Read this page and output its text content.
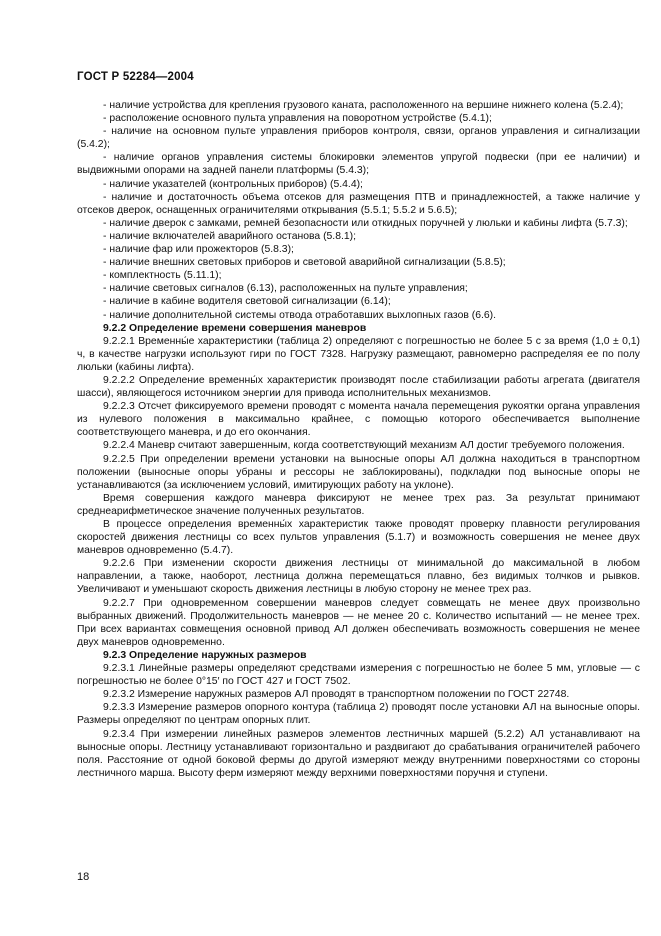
ГОСТ Р 52284—2004

- наличие устройства для крепления грузового каната, расположенного на вершине нижнего колена (5.2.4);

- расположение основного пульта управления на поворотном устройстве (5.4.1);

- наличие на основном пульте управления приборов контроля, связи, органов управления и сигнализации (5.4.2);

- наличие органов управления системы блокировки элементов упругой подвески (при ее наличии) и выдвижными опорами на задней панели платформы (5.4.3);

- наличие указателей (контрольных приборов) (5.4.4);

- наличие и достаточность объема отсеков для размещения ПТВ и принадлежностей, а также наличие у отсеков дверок, оснащенных ограничителями открывания (5.5.1; 5.5.2 и 5.6.5);

- наличие дверок с замками, ремней безопасности или откидных поручней у люльки и кабины лифта (5.7.3);

- наличие включателей аварийного останова (5.8.1);

- наличие фар или прожекторов (5.8.3);

- наличие внешних световых приборов и световой аварийной сигнализации (5.8.5);

- комплектность (5.11.1);

- наличие световых сигналов (6.13), расположенных на пульте управления;

- наличие в кабине водителя световой сигнализации (6.14);

- наличие дополнительной системы отвода отработавших выхлопных газов (6.6).

9.2.2 Определение времени совершения маневров

9.2.2.1 Временны́е характеристики (таблица 2) определяют с погрешностью не более 5 с за время (1,0 ± 0,1) ч, в качестве нагрузки используют гири по ГОСТ 7328. Нагрузку размещают, равномерно распределяя ее по полу люльки (кабины лифта).

9.2.2.2 Определение временны́х характеристик производят после стабилизации работы агрегата (двигателя шасси), являющегося источником энергии для привода исполнительных механизмов.

9.2.2.3 Отсчет фиксируемого времени проводят с момента начала перемещения рукоятки органа управления из нулевого положения в максимально крайнее, с помощью которого обеспечивается выполнение соответствующего маневра, и до его окончания.

9.2.2.4 Маневр считают завершенным, когда соответствующий механизм АЛ достиг требуемого положения.

9.2.2.5 При определении времени установки на выносные опоры АЛ должна находиться в транспортном положении (выносные опоры убраны и рессоры не заблокированы), подкладки под выносные опоры не устанавливаются (за исключением условий, имитирующих работу на уклоне).

Время совершения каждого маневра фиксируют не менее трех раз. За результат принимают среднеарифметическое значение полученных результатов.

В процессе определения временны́х характеристик также проводят проверку плавности регулирования скоростей движения лестницы со всех пультов управления (5.1.7) и возможность совершения не менее двух маневров одновременно (5.4.7).

9.2.2.6 При изменении скорости движения лестницы от минимальной до максимальной в любом направлении, а также, наоборот, лестница должна перемещаться плавно, без видимых толчков и рывков. Увеличивают и уменьшают скорость движения лестницы в любую сторону не менее трех раз.

9.2.2.7 При одновременном совершении маневров следует совмещать не менее двух произвольно выбранных движений. Продолжительность маневров — не менее 20 с. Количество испытаний — не менее трех. При всех вариантах совмещения основной привод АЛ должен обеспечивать возможность совершения не менее двух маневров одновременно.

9.2.3 Определение наружных размеров

9.2.3.1 Линейные размеры определяют средствами измерения с погрешностью не более 5 мм, угловые — с погрешностью не более 0°15′ по ГОСТ 427 и ГОСТ 7502.

9.2.3.2 Измерение наружных размеров АЛ проводят в транспортном положении по ГОСТ 22748.

9.2.3.3 Измерение размеров опорного контура (таблица 2) проводят после установки АЛ на выносные опоры. Размеры определяют по центрам опорных плит.

9.2.3.4 При измерении линейных размеров элементов лестничных маршей (5.2.2) АЛ устанавливают на выносные опоры. Лестницу устанавливают горизонтально и раздвигают до срабатывания ограничителей рабочего поля. Расстояние от одной боковой фермы до другой измеряют между внутренними поверхностями со стороны лестничного марша. Высоту ферм измеряют между верхними поверхностями поручня и ступени.

18
